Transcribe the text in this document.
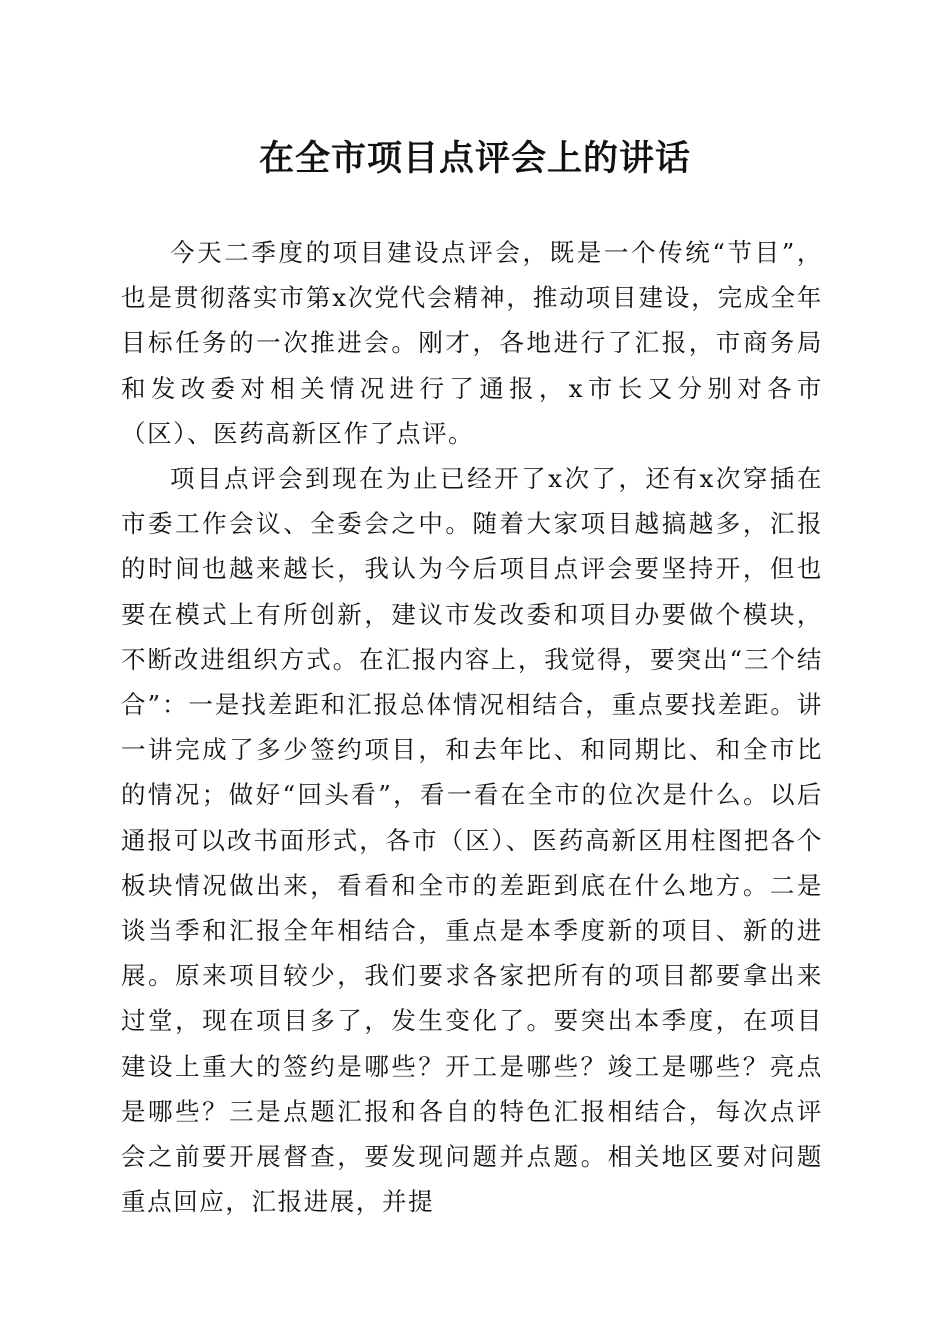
在全市项目点评会上的讲话

今天二季度的项目建设点评会，既是一个传统“节目”，也是贯彻落实市第x次党代会精神，推动项目建设，完成全年目标任务的一次推进会。刚才，各地进行了汇报，市商务局和发改委对相关情况进行了通报，x市长又分别对各市（区）、医药高新区作了点评。

项目点评会到现在为止已经开了x次了，还有x次穿插在市委工作会议、全委会之中。随着大家项目越搞越多，汇报的时间也越来越长，我认为今后项目点评会要坚持开，但也要在模式上有所创新，建议市发改委和项目办要做个模块，不断改进组织方式。在汇报内容上，我觉得，要突出“三个结合”：一是找差距和汇报总体情况相结合，重点要找差距。讲一讲完成了多少签约项目，和去年比、和同期比、和全市比的情况；做好“回头看”，看一看在全市的位次是什么。以后通报可以改书面形式，各市（区）、医药高新区用柱图把各个板块情况做出来，看看和全市的差距到底在什么地方。二是谈当季和汇报全年相结合，重点是本季度新的项目、新的进展。原来项目较少，我们要求各家把所有的项目都要拿出来过堂，现在项目多了，发生变化了。要突出本季度，在项目建设上重大的签约是哪些？开工是哪些？竣工是哪些？亮点是哪些？三是点题汇报和各自的特色汇报相结合，每次点评会之前要开展督查，要发现问题并点题。相关地区要对问题重点回应，汇报进展，并提
